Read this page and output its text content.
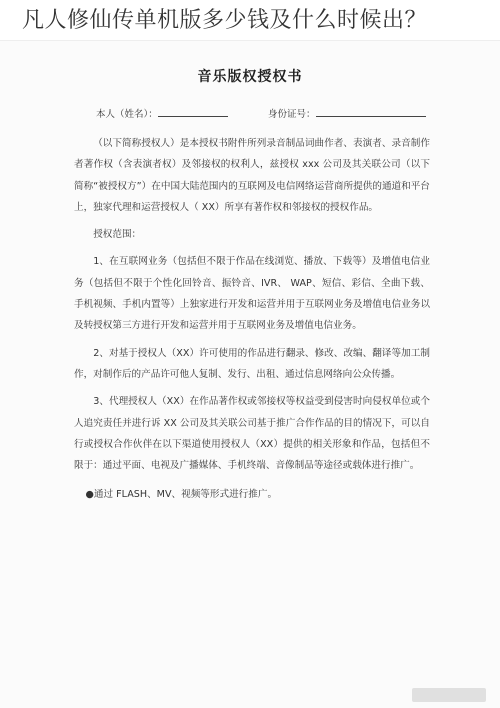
凡人修仙传单机版多少钱及什么时候出？
音乐版权授权书
本人（姓名）：	身份证号：

（以下简称授权人）是本授权书附件所列录音制品词曲作者、表演者、录音制作者著作权（含表演者权）及邻接权的权利人，兹授权 xxx 公司及其关联公司（以下简称“被授权方”）在中国大陆范围内的互联网及电信网络运营商所提供的通道和平台上，独家代理和运营授权人（ XX）所享有著作权和邻接权的授权作品。

授权范围：

1、在互联网业务（包括但不限于作品在线浏览、播放、下载等）及增值电信业务（包括但不限于个性化回铃音、振铃音、IVR、 WAP、短信、彩信、全曲下载、手机视频、手机内置等）上独家进行开发和运营并用于互联网业务及增值电信业务以及转授权第三方进行开发和运营并用于互联网业务及增值电信业务。

2、对基于授权人（XX）许可使用的作品进行翻录、修改、改编、翻译等加工制作，对制作后的产品许可他人复制、发行、出租、通过信息网络向公众传播。

3、代理授权人（XX）在作品著作权或邻接权等权益受到侵害时向侵权单位或个人追究责任并进行诉 XX 公司及其关联公司基于推广合作作品的目的情况下，可以自行或授权合作伙伴在以下渠道使用授权人（XX）提供的相关形象和作品，包括但不限于：通过平面、电视及广播媒体、手机终端、音像制品等途径或载体进行推广。

●通过 FLASH、MV、视频等形式进行推广。
